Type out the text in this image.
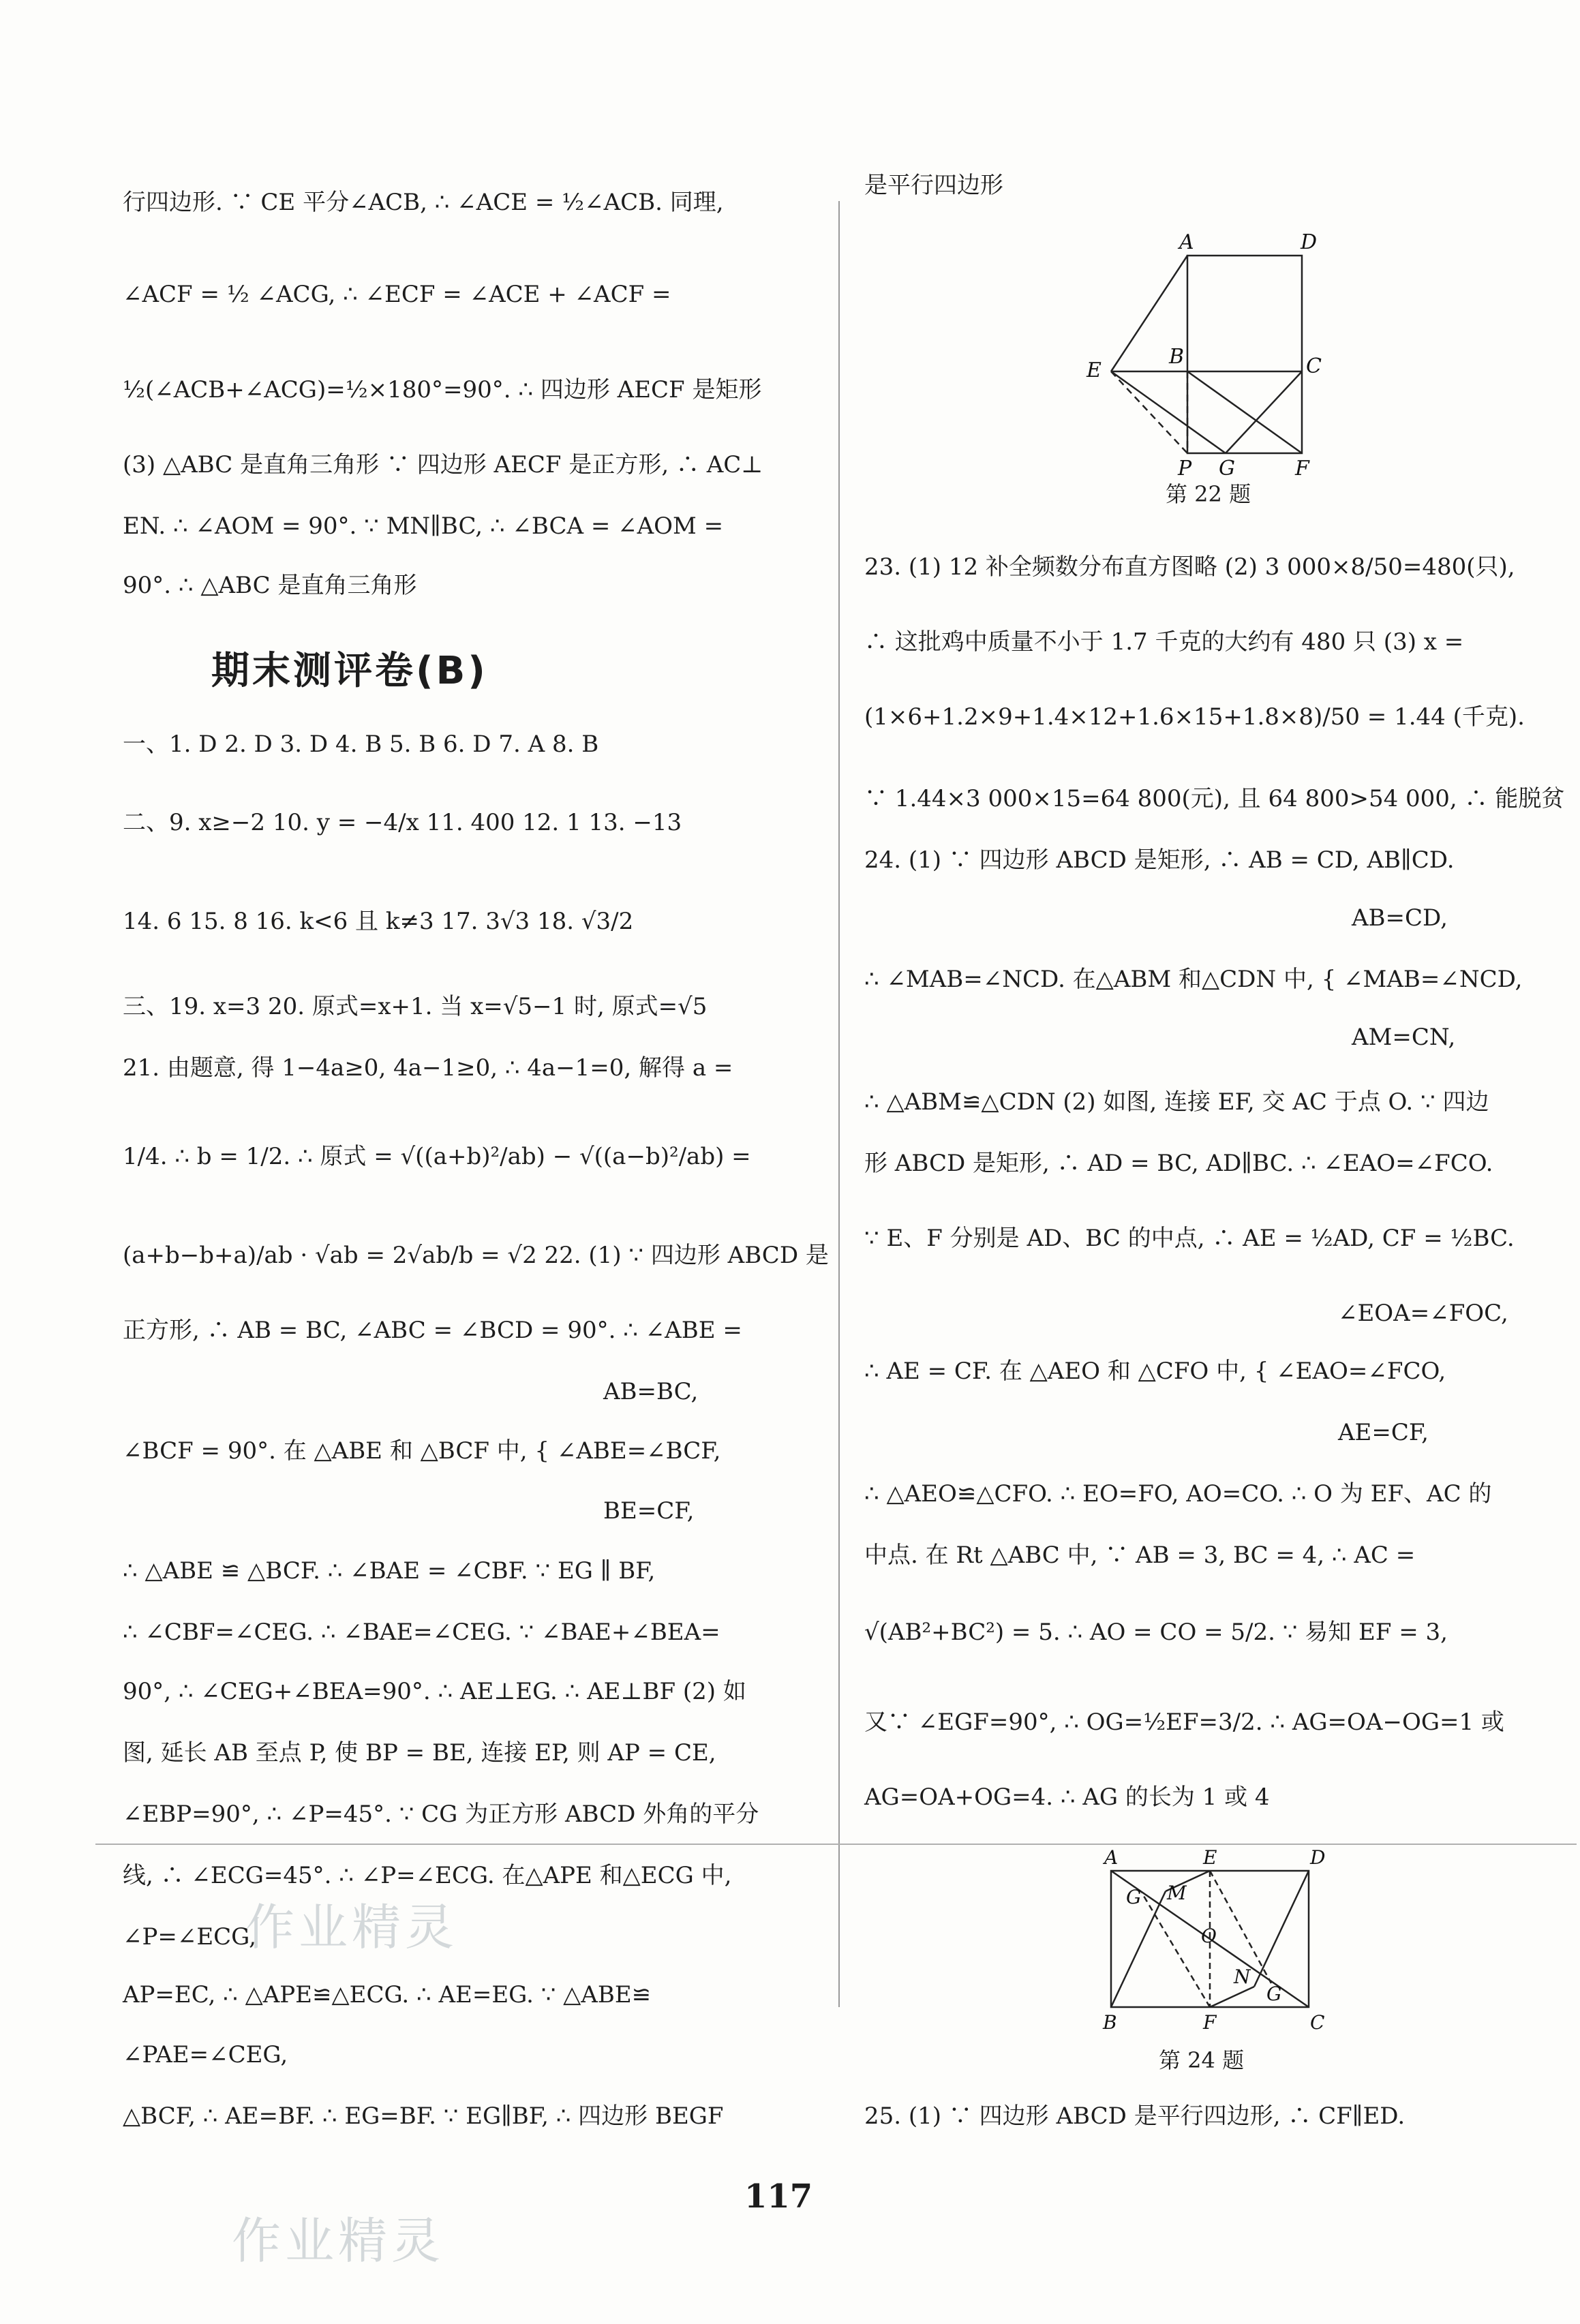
行四边形. ∵ CE 平分∠ACB, ∴ ∠ACE = ½∠ACB. 同理,
∠ACF = ½ ∠ACG, ∴ ∠ECF = ∠ACE + ∠ACF =
½(∠ACB+∠ACG)=½×180°=90°. ∴ 四边形 AECF 是矩形
(3) △ABC 是直角三角形 ∵ 四边形 AECF 是正方形, ∴ AC⊥
EN. ∴ ∠AOM = 90°. ∵ MN∥BC, ∴ ∠BCA = ∠AOM =
90°. ∴ △ABC 是直角三角形
一、1. D 2. D 3. D 4. B 5. B 6. D 7. A 8. B
二、9. x≥−2 10. y = −4/x 11. 400 12. 1 13. −13
14. 6 15. 8 16. k<6 且 k≠3 17. 3√3 18. √3/2
三、19. x=3 20. 原式=x+1. 当 x=√5−1 时, 原式=√5
21. 由题意, 得 1−4a≥0, 4a−1≥0, ∴ 4a−1=0, 解得 a =
1/4. ∴ b = 1/2. ∴ 原式 = √((a+b)²/ab) − √((a−b)²/ab) =
(a+b−b+a)/ab · √ab = 2√ab/b = √2 22. (1) ∵ 四边形 ABCD 是
正方形, ∴ AB = BC, ∠ABC = ∠BCD = 90°. ∴ ∠ABE =
AB=BC,
∠BCF = 90°. 在 △ABE 和 △BCF 中, { ∠ABE=∠BCF,
BE=CF,
∴ △ABE ≌ △BCF. ∴ ∠BAE = ∠CBF. ∵ EG ∥ BF,
∴ ∠CBF=∠CEG. ∴ ∠BAE=∠CEG. ∵ ∠BAE+∠BEA=
90°, ∴ ∠CEG+∠BEA=90°. ∴ AE⊥EG. ∴ AE⊥BF (2) 如
图, 延长 AB 至点 P, 使 BP = BE, 连接 EP, 则 AP = CE,
∠EBP=90°, ∴ ∠P=45°. ∵ CG 为正方形 ABCD 外角的平分
线, ∴ ∠ECG=45°. ∴ ∠P=∠ECG. 在△APE 和△ECG 中,
∠P=∠ECG,
AP=EC, ∴ △APE≌△ECG. ∴ AE=EG. ∵ △ABE≌
∠PAE=∠CEG,
△BCF, ∴ AE=BF. ∴ EG=BF. ∵ EG∥BF, ∴ 四边形 BEGF
期末测评卷(B)
是平行四边形
A	D
E
B	C
P G	F
第 22 题
23. (1) 12 补全频数分布直方图略 (2) 3 000×8/50=480(只),
∴ 这批鸡中质量不小于 1.7 千克的大约有 480 只 (3) x =
(1×6+1.2×9+1.4×12+1.6×15+1.8×8)/50 = 1.44 (千克).
∵ 1.44×3 000×15=64 800(元), 且 64 800>54 000, ∴ 能脱贫
24. (1) ∵ 四边形 ABCD 是矩形, ∴ AB = CD, AB∥CD.
AB=CD,
∴ ∠MAB=∠NCD. 在△ABM 和△CDN 中, { ∠MAB=∠NCD,
AM=CN,
∴ △ABM≌△CDN (2) 如图, 连接 EF, 交 AC 于点 O. ∵ 四边
形 ABCD 是矩形, ∴ AD = BC, AD∥BC. ∴ ∠EAO=∠FCO.
∵ E、F 分别是 AD、BC 的中点, ∴ AE = ½AD, CF = ½BC.
∠EOA=∠FOC,
∴ AE = CF. 在 △AEO 和 △CFO 中, { ∠EAO=∠FCO,
AE=CF,
∴ △AEO≌△CFO. ∴ EO=FO, AO=CO. ∴ O 为 EF、AC 的
中点. 在 Rt △ABC 中, ∵ AB = 3, BC = 4, ∴ AC =
√(AB²+BC²) = 5. ∴ AO = CO = 5/2. ∵ 易知 EF = 3,
又∵ ∠EGF=90°, ∴ OG=½EF=3/2. ∴ AG=OA−OG=1 或
AG=OA+OG=4. ∴ AG 的长为 1 或 4
A	E	D
G M
O
N
G
B	F	C
第 24 题
25. (1) ∵ 四边形 ABCD 是平行四边形, ∴ CF∥ED.
117
作业精灵
作业精灵
